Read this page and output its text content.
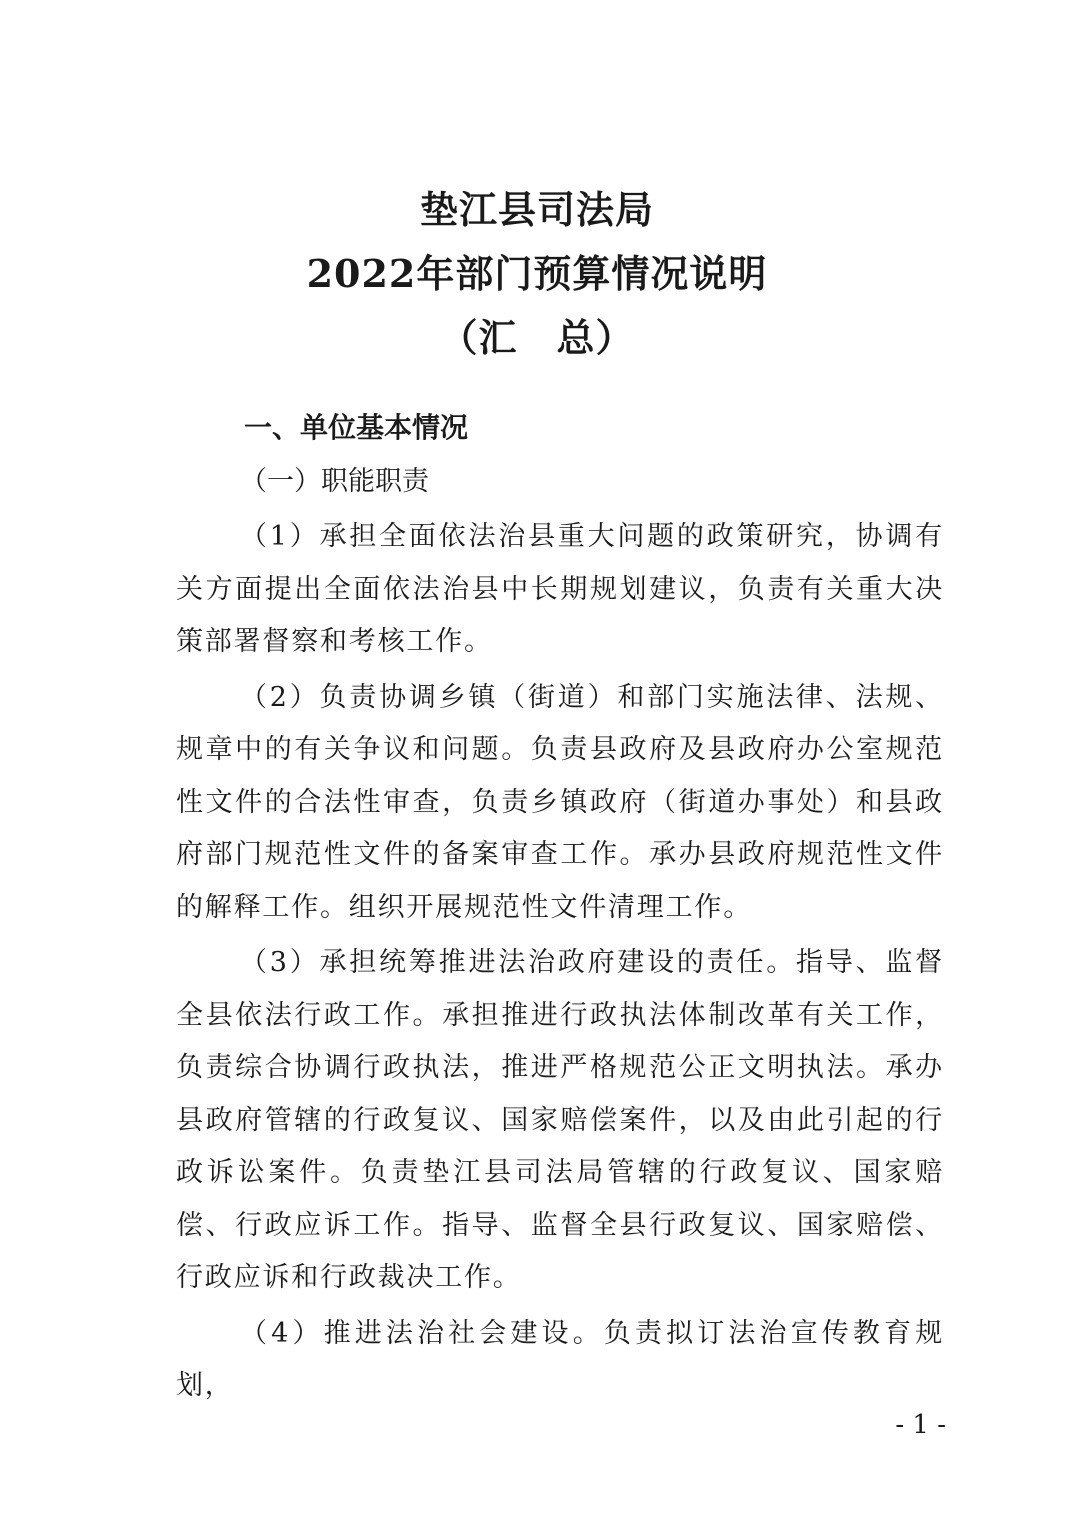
垫江县司法局
2022年部门预算情况说明
（汇　总）
一、单位基本情况
（一）职能职责

（1）承担全面依法治县重大问题的政策研究，协调有关方面提出全面依法治县中长期规划建议，负责有关重大决策部署督察和考核工作。

（2）负责协调乡镇（街道）和部门实施法律、法规、规章中的有关争议和问题。负责县政府及县政府办公室规范性文件的合法性审查，负责乡镇政府（街道办事处）和县政府部门规范性文件的备案审查工作。承办县政府规范性文件的解释工作。组织开展规范性文件清理工作。

（3）承担统筹推进法治政府建设的责任。指导、监督全县依法行政工作。承担推进行政执法体制改革有关工作，负责综合协调行政执法，推进严格规范公正文明执法。承办县政府管辖的行政复议、国家赔偿案件，以及由此引起的行政诉讼案件。负责垫江县司法局管辖的行政复议、国家赔偿、行政应诉工作。指导、监督全县行政复议、国家赔偿、行政应诉和行政裁决工作。

（4）推进法治社会建设。负责拟订法治宣传教育规划，

- 1 -
